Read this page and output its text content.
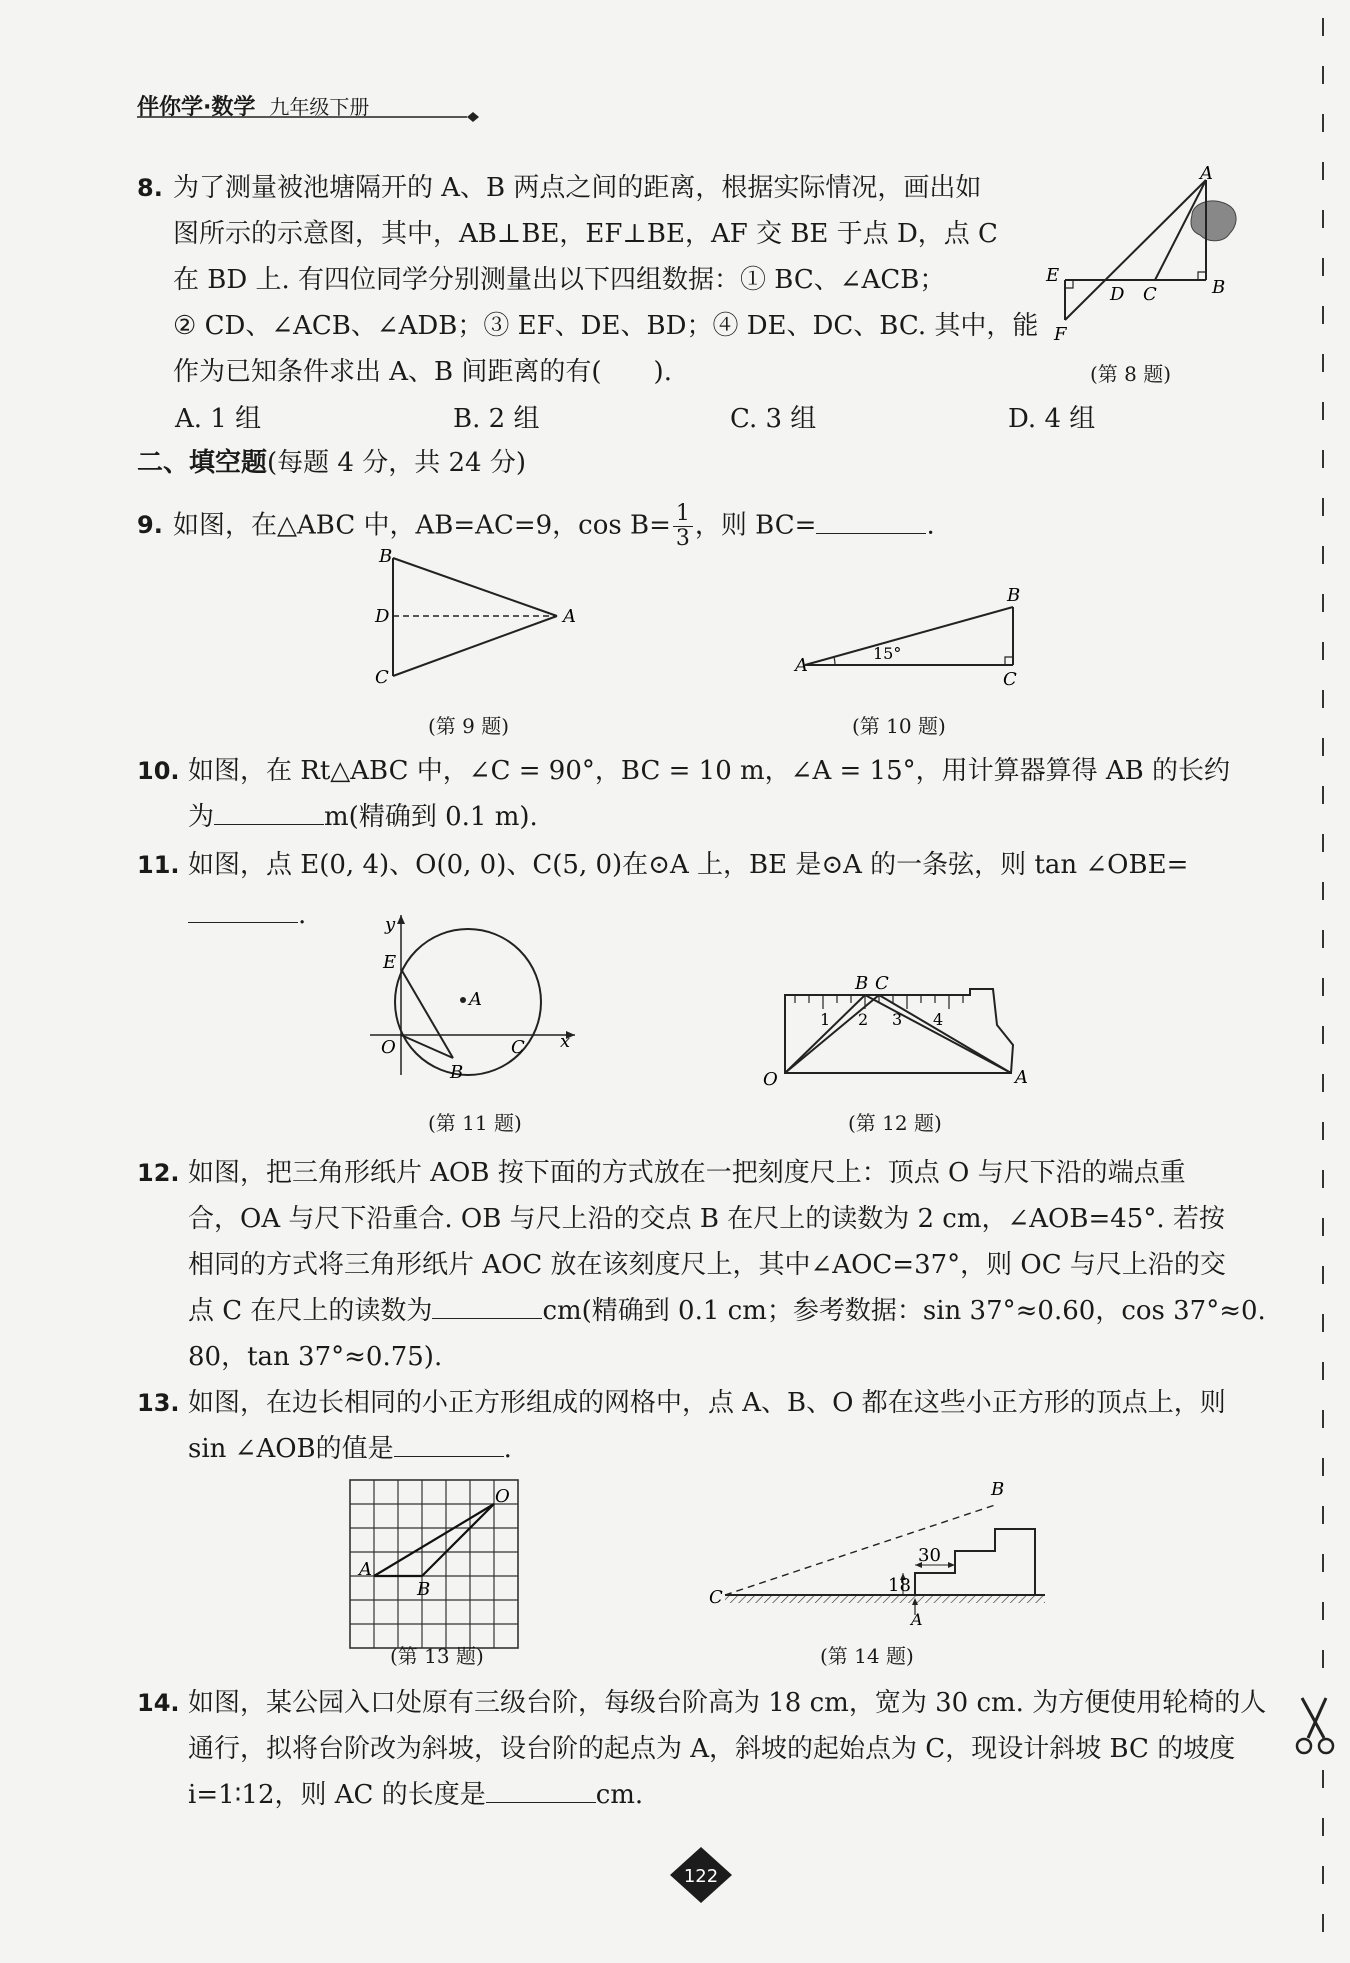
伴你学·数学 九年级下册
8. 为了测量被池塘隔开的 A、B 两点之间的距离，根据实际情况，画出如
图所示的示意图，其中，AB⊥BE，EF⊥BE，AF 交 BE 于点 D，点 C
在 BD 上. 有四位同学分别测量出以下四组数据：① BC、∠ACB；
② CD、∠ACB、∠ADB；③ EF、DE、BD；④ DE、DC、BC. 其中，能
作为已知条件求出 A、B 间距离的有(　　).
A. 1 组	B. 2 组	C. 3 组	D. 4 组
A
B
C
D
E
F
(第 8 题)
二、填空题(每题 4 分，共 24 分)
9. 如图，在△ABC 中，AB=AC=9，$\cos B= \frac{1}{3}$ ，则 BC=	.
A
B
C
D
(第 9 题)
A
B
C
15°
(第 10 题)
10. 如图，在 Rt△ABC 中，∠C = 90°，BC = 10 m，∠A = 15°，用计算器算得 AB 的长约
为	m(精确到 0.1 m).
11. 如图，点 E(0, 4)、O(0, 0)、C(5, 0)在⊙A 上，BE 是⊙A 的一条弦，则 tan ∠OBE=
.
x
y
O
E
A
B
C
(第 11 题)
O	A
B C
1 2 3 4
(第 12 题)
12. 如图，把三角形纸片 AOB 按下面的方式放在一把刻度尺上：顶点 O 与尺下沿的端点重
合，OA 与尺下沿重合. OB 与尺上沿的交点 B 在尺上的读数为 2 cm，∠AOB=45°. 若按
相同的方式将三角形纸片 AOC 放在该刻度尺上，其中∠AOC=37°，则 OC 与尺上沿的交
点 C 在尺上的读数为	cm(精确到 0.1 cm；参考数据：sin 37°≈0.60，cos 37°≈0.
80，tan 37°≈0.75).
13. 如图，在边长相同的小正方形组成的网格中，点 A、B、O 都在这些小正方形的顶点上，则
sin ∠AOB的值是	.
O
A
B
(第 13 题)
30
18
B
C
A
(第 14 题)
14. 如图，某公园入口处原有三级台阶，每级台阶高为 18 cm，宽为 30 cm. 为方便使用轮椅的人
通行，拟将台阶改为斜坡，设台阶的起点为 A，斜坡的起始点为 C，现设计斜坡 BC 的坡度
i=1∶12，则 AC 的长度是	cm.
122
